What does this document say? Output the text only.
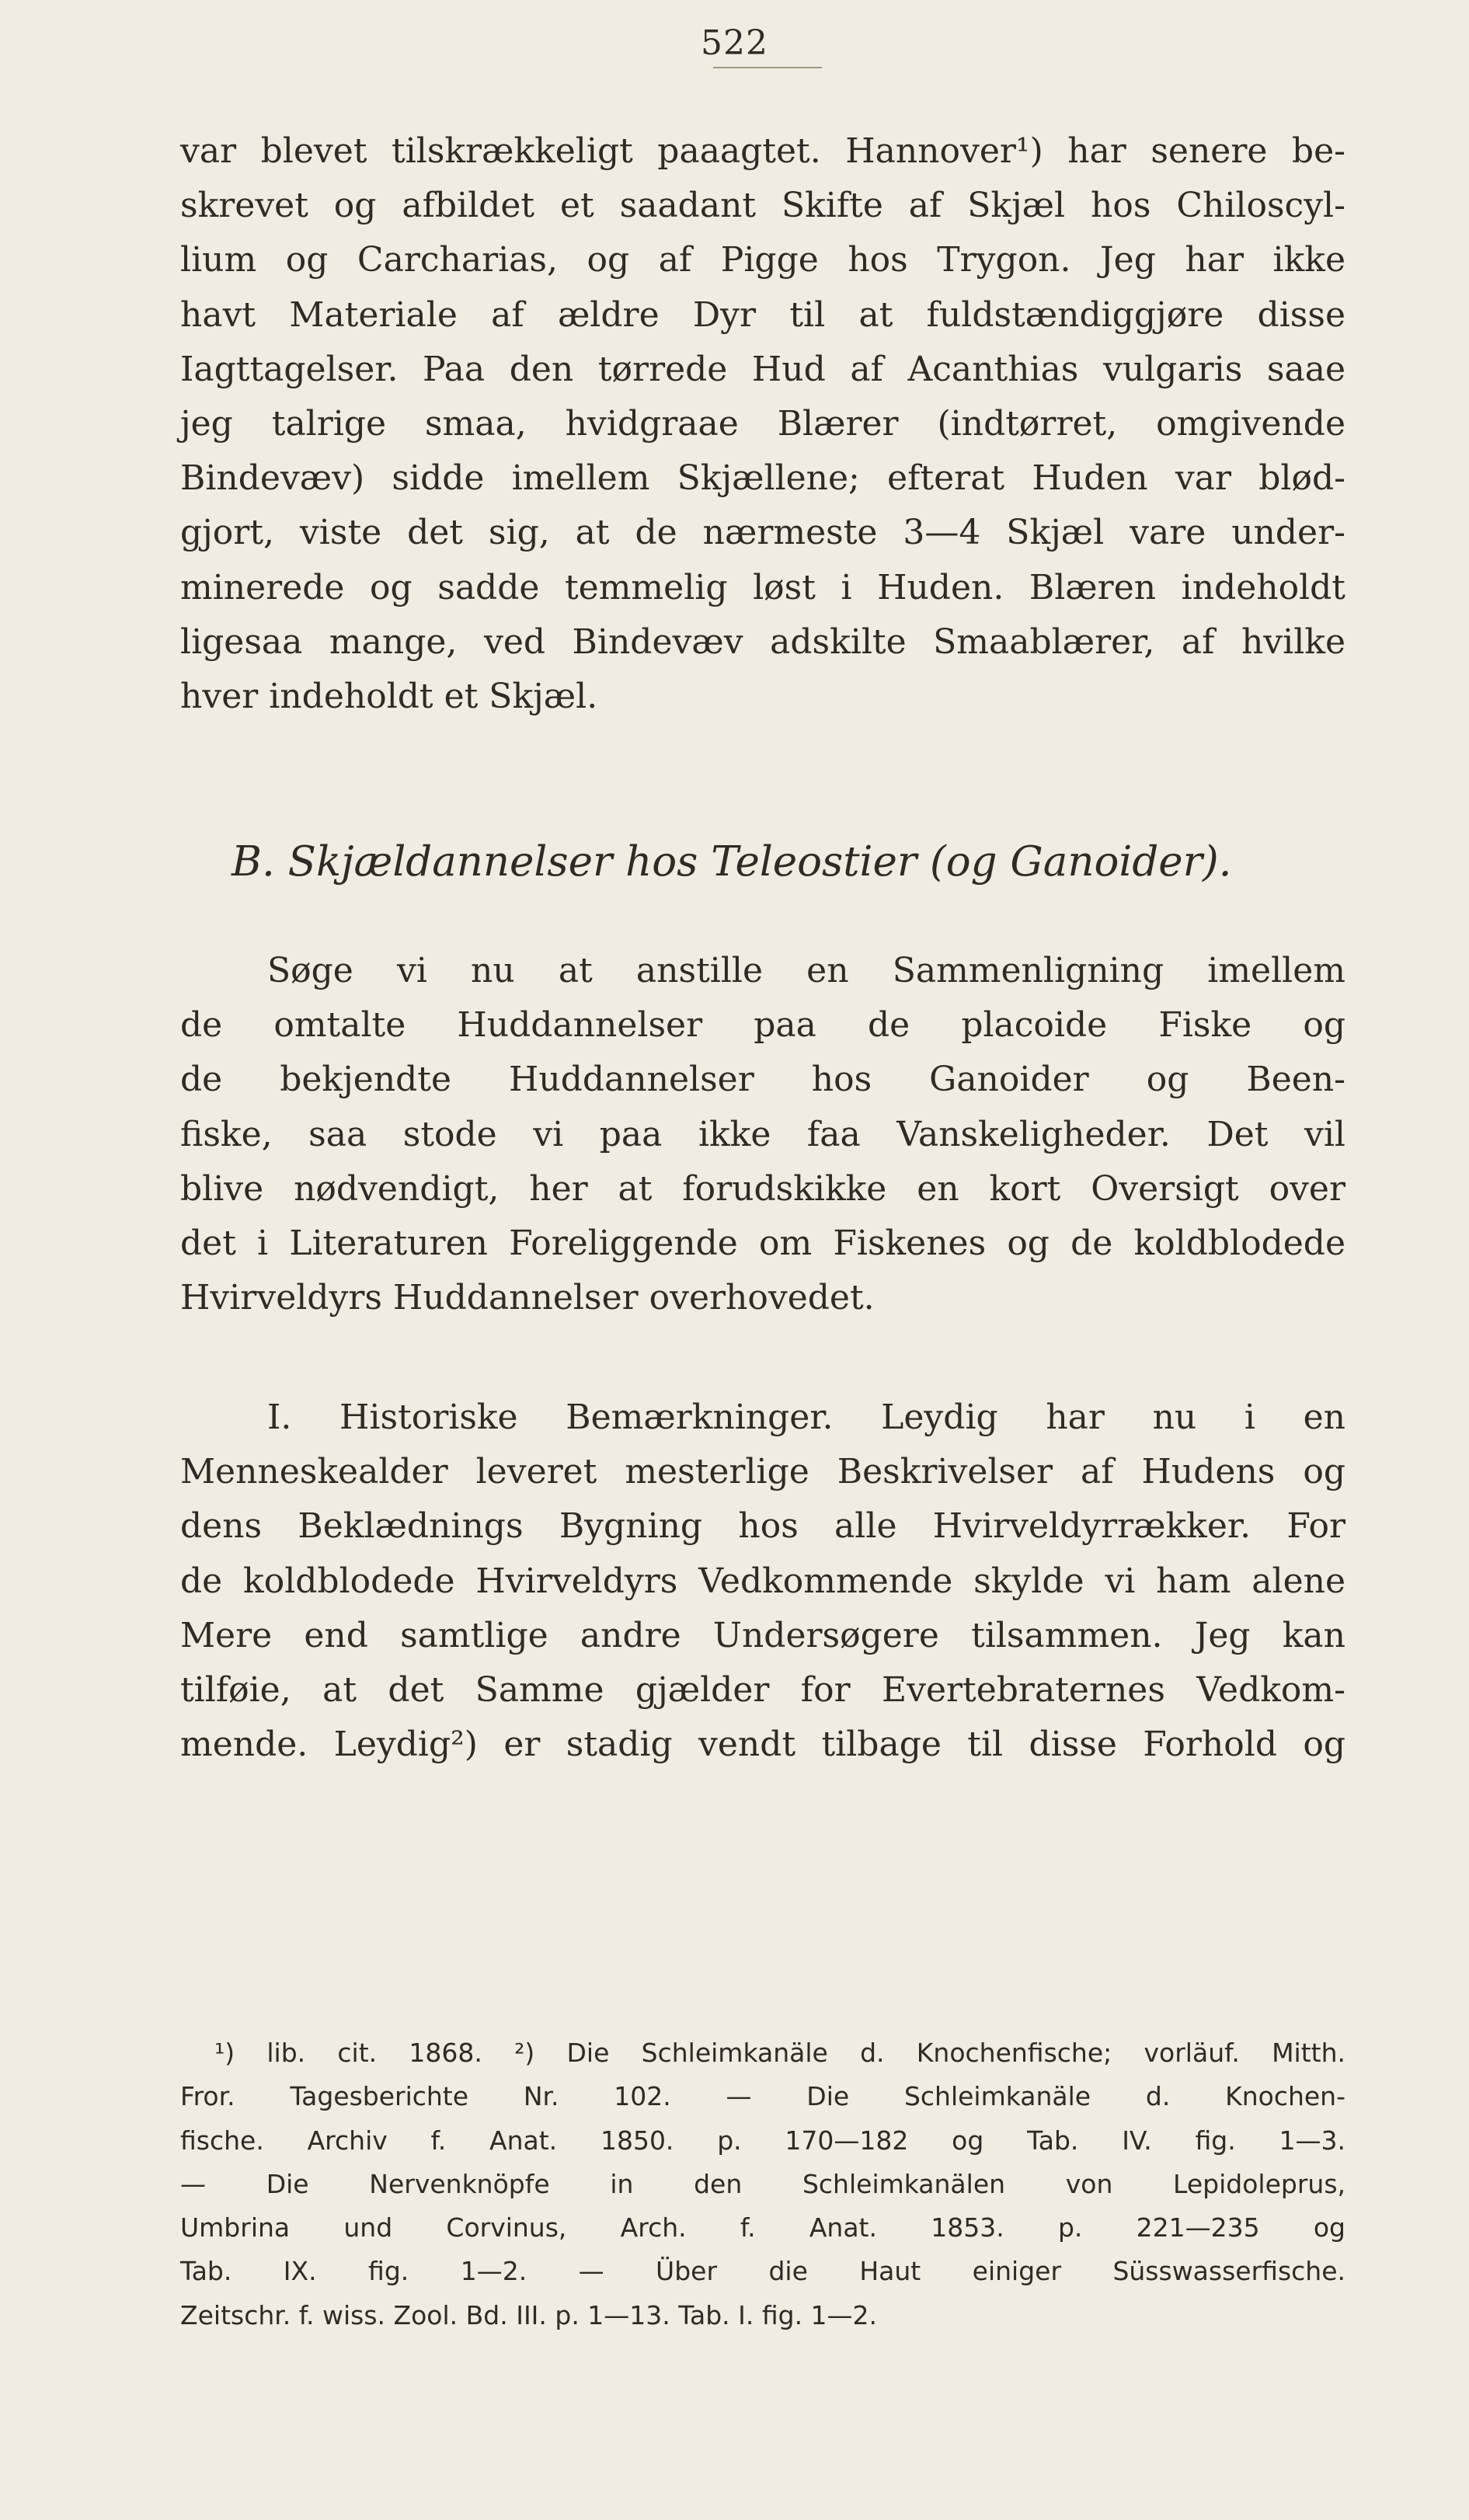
522
var blevet tilskrækkeligt paaagtet. Hannover¹) har senere be-
skrevet og afbildet et saadant Skifte af Skjæl hos Chiloscyl-
lium og Carcharias, og af Pigge hos Trygon. Jeg har ikke
havt Materiale af ældre Dyr til at fuldstændiggjøre disse
Iagttagelser. Paa den tørrede Hud af Acanthias vulgaris saae
jeg talrige smaa, hvidgraae Blærer (indtørret, omgivende
Bindevæv) sidde imellem Skjællene; efterat Huden var blød-
gjort, viste det sig, at de nærmeste 3—4 Skjæl vare under-
minerede og sadde temmelig løst i Huden. Blæren indeholdt
ligesaa mange, ved Bindevæv adskilte Smaablærer, af hvilke
hver indeholdt et Skjæl.
B. Skjældannelser hos Teleostier (og Ganoider).
Søge vi nu at anstille en Sammenligning imellem
de omtalte Huddannelser paa de placoide Fiske og
de bekjendte Huddannelser hos Ganoider og Been-
fiske, saa stode vi paa ikke faa Vanskeligheder. Det vil
blive nødvendigt, her at forudskikke en kort Oversigt over
det i Literaturen Foreliggende om Fiskenes og de koldblodede
Hvirveldyrs Huddannelser overhovedet.
I. Historiske Bemærkninger. Leydig har nu i en
Menneskealder leveret mesterlige Beskrivelser af Hudens og
dens Beklædnings Bygning hos alle Hvirveldyrrækker. For
de koldblodede Hvirveldyrs Vedkommende skylde vi ham alene
Mere end samtlige andre Undersøgere tilsammen. Jeg kan
tilføie, at det Samme gjælder for Evertebraternes Vedkom-
mende. Leydig²) er stadig vendt tilbage til disse Forhold og
¹) lib. cit. 1868. ²) Die Schleimkanäle d. Knochenfische; vorläuf. Mitth.
Fror. Tagesberichte Nr. 102. — Die Schleimkanäle d. Knochen-
fische. Archiv f. Anat. 1850. p. 170—182 og Tab. IV. fig. 1—3.
— Die Nervenknöpfe in den Schleimkanälen von Lepidoleprus,
Umbrina und Corvinus, Arch. f. Anat. 1853. p. 221—235 og
Tab. IX. fig. 1—2. — Über die Haut einiger Süsswasserfische.
Zeitschr. f. wiss. Zool. Bd. III. p. 1—13. Tab. I. fig. 1—2.
